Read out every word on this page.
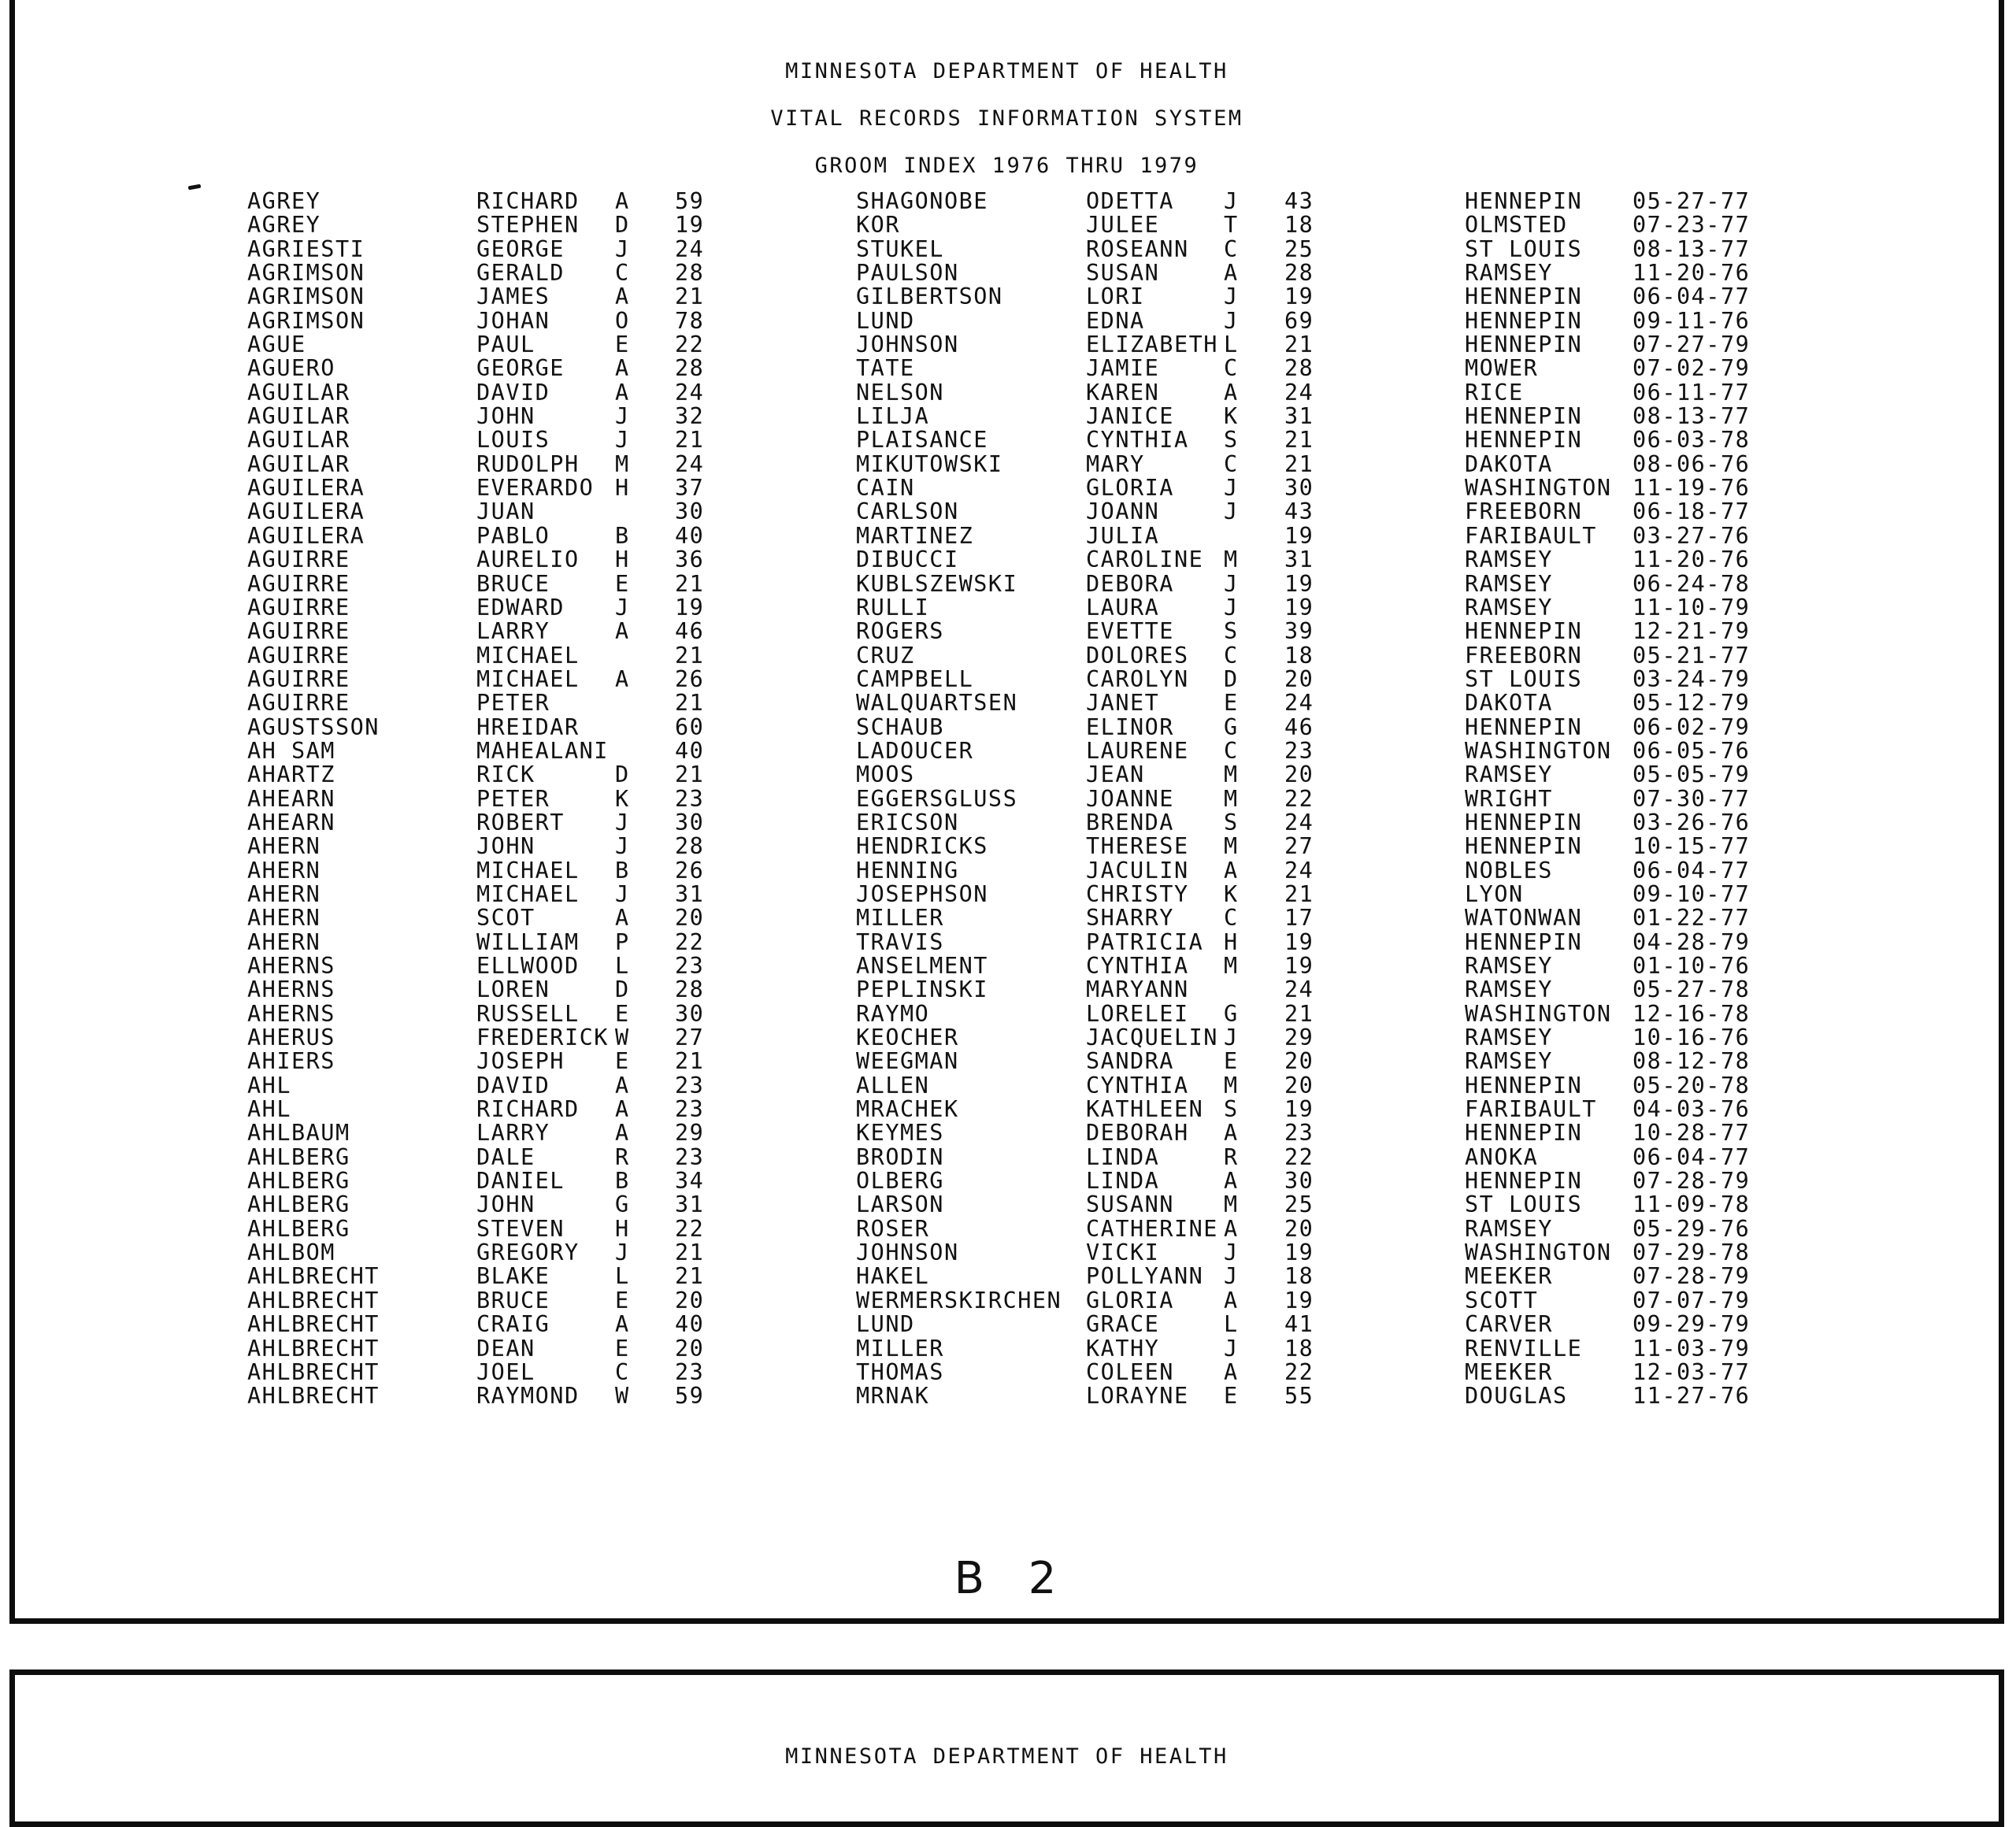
MINNESOTA DEPARTMENT OF HEALTH
VITAL RECORDS INFORMATION SYSTEM
GROOM INDEX 1976 THRU 1979
AGREY	RICHARD A 59	SHAGONOBE	ODETTA J 43	HENNEPIN 05-27-77
AGREY	STEPHEN D 19	KOR	JULEE	T 18	OLMSTED	07-23-77
AGRIESTI	GEORGE J 24	STUKEL	ROSEANN C 25	ST LOUIS 08-13-77
AGRIMSON	GERALD C 28	PAULSON	SUSAN	A 28	RAMSEY	11-20-76
AGRIMSON	JAMES	A 21	GILBERTSON	LORI	J 19	HENNEPIN 06-04-77
AGRIMSON	JOHAN	O 78	LUND	EDNA	J 69	HENNEPIN 09-11-76
AGUE	PAUL	E 22	JOHNSON	ELIZABETH L 21	HENNEPIN 07-27-79
AGUERO	GEORGE A 28	TATE	JAMIE	C 28	MOWER	07-02-79
AGUILAR	DAVID	A 24	NELSON	KAREN	A 24	RICE	06-11-77
AGUILAR	JOHN	J 32	LILJA	JANICE K 31	HENNEPIN 08-13-77
AGUILAR	LOUIS	J 21	PLAISANCE	CYNTHIA S 21	HENNEPIN 06-03-78
AGUILAR	RUDOLPH M 24	MIKUTOWSKI	MARY	C 21	DAKOTA	08-06-76
AGUILERA	EVERARDO H 37	CAIN	GLORIA J 30	WASHINGTON 11-19-76
AGUILERA	JUAN	30	CARLSON	JOANN	J 43	FREEBORN 06-18-77
AGUILERA	PABLO	B 40	MARTINEZ	JULIA	19	FARIBAULT 03-27-76
AGUIRRE	AURELIO H 36	DIBUCCI	CAROLINE M 31	RAMSEY	11-20-76
AGUIRRE	BRUCE	E 21	KUBLSZEWSKI	DEBORA J 19	RAMSEY	06-24-78
AGUIRRE	EDWARD J 19	RULLI	LAURA	J 19	RAMSEY	11-10-79
AGUIRRE	LARRY	A 46	ROGERS	EVETTE S 39	HENNEPIN 12-21-79
AGUIRRE	MICHAEL	21	CRUZ	DOLORES C 18	FREEBORN 05-21-77
AGUIRRE	MICHAEL A 26	CAMPBELL	CAROLYN D 20	ST LOUIS 03-24-79
AGUIRRE	PETER	21	WALQUARTSEN	JANET	E 24	DAKOTA	05-12-79
AGUSTSSON	HREIDAR	60	SCHAUB	ELINOR G 46	HENNEPIN 06-02-79
AH SAM	MAHEALANI	40	LADOUCER	LAURENE C 23	WASHINGTON 06-05-76
AHARTZ	RICK	D 21	MOOS	JEAN	M 20	RAMSEY	05-05-79
AHEARN	PETER	K 23	EGGERSGLUSS	JOANNE M 22	WRIGHT	07-30-77
AHEARN	ROBERT J 30	ERICSON	BRENDA S 24	HENNEPIN 03-26-76
AHERN	JOHN	J 28	HENDRICKS	THERESE M 27	HENNEPIN 10-15-77
AHERN	MICHAEL B 26	HENNING	JACULIN A 24	NOBLES	06-04-77
AHERN	MICHAEL J 31	JOSEPHSON	CHRISTY K 21	LYON	09-10-77
AHERN	SCOT	A 20	MILLER	SHARRY C 17	WATONWAN 01-22-77
AHERN	WILLIAM P 22	TRAVIS	PATRICIA H 19	HENNEPIN 04-28-79
AHERNS	ELLWOOD L 23	ANSELMENT	CYNTHIA M 19	RAMSEY	01-10-76
AHERNS	LOREN	D 28	PEPLINSKI	MARYANN	24	RAMSEY	05-27-78
AHERNS	RUSSELL E 30	RAYMO	LORELEI G 21	WASHINGTON 12-16-78
AHERUS	FREDERICK W 27	KEOCHER	JACQUELIN J 29	RAMSEY	10-16-76
AHIERS	JOSEPH E 21	WEEGMAN	SANDRA E 20	RAMSEY	08-12-78
AHL	DAVID	A 23	ALLEN	CYNTHIA M 20	HENNEPIN 05-20-78
AHL	RICHARD A 23	MRACHEK	KATHLEEN S 19	FARIBAULT 04-03-76
AHLBAUM	LARRY	A 29	KEYMES	DEBORAH A 23	HENNEPIN 10-28-77
AHLBERG	DALE	R 23	BRODIN	LINDA	R 22	ANOKA	06-04-77
AHLBERG	DANIEL B 34	OLBERG	LINDA	A 30	HENNEPIN 07-28-79
AHLBERG	JOHN	G 31	LARSON	SUSANN M 25	ST LOUIS 11-09-78
AHLBERG	STEVEN H 22	ROSER	CATHERINE A 20	RAMSEY	05-29-76
AHLBOM	GREGORY J 21	JOHNSON	VICKI	J 19	WASHINGTON 07-29-78
AHLBRECHT	BLAKE	L 21	HAKEL	POLLYANN J 18	MEEKER	07-28-79
AHLBRECHT	BRUCE	E 20	WERMERSKIRCHEN GLORIA A 19	SCOTT	07-07-79
AHLBRECHT	CRAIG	A 40	LUND	GRACE	L 41	CARVER	09-29-79
AHLBRECHT	DEAN	E 20	MILLER	KATHY	J 18	RENVILLE 11-03-79
AHLBRECHT	JOEL	C 23	THOMAS	COLEEN A 22	MEEKER	12-03-77
AHLBRECHT	RAYMOND W 59	MRNAK	LORAYNE E 55	DOUGLAS	11-27-76
B 2
MINNESOTA DEPARTMENT OF HEALTH
